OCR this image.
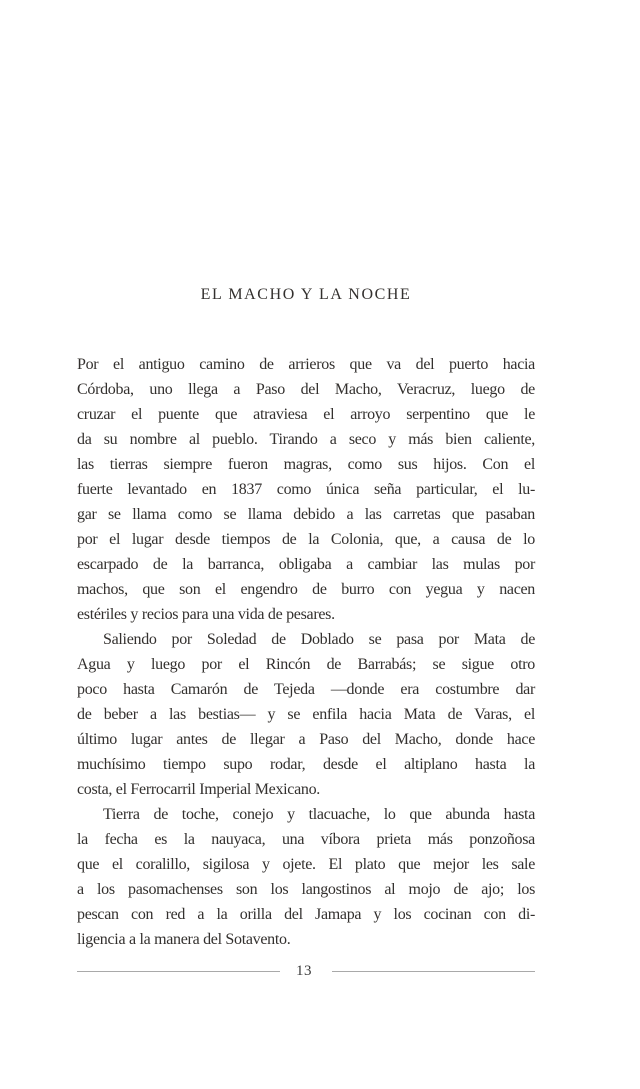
EL MACHO Y LA NOCHE
Por el antiguo camino de arrieros que va del puerto hacia
Córdoba, uno llega a Paso del Macho, Veracruz, luego de
cruzar el puente que atraviesa el arroyo serpentino que le
da su nombre al pueblo. Tirando a seco y más bien caliente,
las tierras siempre fueron magras, como sus hijos. Con el
fuerte levantado en 1837 como única seña particular, el lu-
gar se llama como se llama debido a las carretas que pasaban
por el lugar desde tiempos de la Colonia, que, a causa de lo
escarpado de la barranca, obligaba a cambiar las mulas por
machos, que son el engendro de burro con yegua y nacen
estériles y recios para una vida de pesares.
Saliendo por Soledad de Doblado se pasa por Mata de
Agua y luego por el Rincón de Barrabás; se sigue otro
poco hasta Camarón de Tejeda —donde era costumbre dar
de beber a las bestias— y se enfila hacia Mata de Varas, el
último lugar antes de llegar a Paso del Macho, donde hace
muchísimo tiempo supo rodar, desde el altiplano hasta la
costa, el Ferrocarril Imperial Mexicano.
Tierra de toche, conejo y tlacuache, lo que abunda hasta
la fecha es la nauyaca, una víbora prieta más ponzoñosa
que el coralillo, sigilosa y ojete. El plato que mejor les sale
a los pasomachenses son los langostinos al mojo de ajo; los
pescan con red a la orilla del Jamapa y los cocinan con di-
ligencia a la manera del Sotavento.
13
